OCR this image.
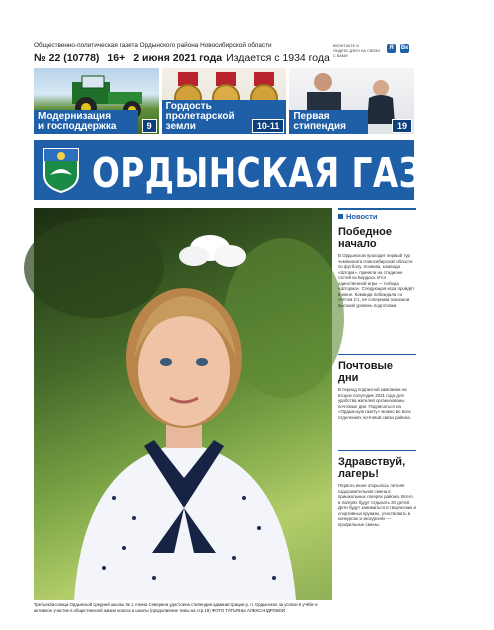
Общественно-политическая газета Ордынского района Новосибирской области
№ 22 (10778) 16+ 2 июня 2021 года Издается с 1934 года
ВКОНТАКТЕ И ЯНДЕКС.ДЗЕН НА СВЯЗИ С ВАМИ
Я	Вк
Модернизация
и господдержка	9
Гордость
пролетарской земли	10-11
Первая
стипендия	19
ОРДЫНСКАЯ ГАЗЕТА
Третьеклассница Ордынской средней школы № 1 Алина Северина удостоена стипендии администрации р. п. Ордынское за успехи в учёбе и активное участие в общественной жизни класса и школы (продолжение темы на стр.19) ФОТО ТАТЬЯНЫ АЛЕКСАНДРОВОЙ
Новости
Победное начало
В Ордынском проходит первый тур чемпионата Новосибирской области по футболу. Хозяева, команда «Шторм», приняла на стадионе гостей из Бердска. Итог единственной игры — победа «Шторма». Следующая игра пройдёт в июне. Команда побеждала со счётом 2:1, её соперники показали высокий уровень подготовки.
Почтовые дни
В период подписной кампании на второе полугодие 2021 года для удобства жителей организованы почтовые дни. Подписаться на «Ордынскую газету» можно во всех отделениях почтовой связи района.
Здравствуй, лагерь!
Первого июня открылась летняя оздоровительная смена в пришкольных лагерях района. Всего в лагерях будут отдыхать 20 детей. Дети будут заниматься в творческих и спортивных кружках, участвовать в конкурсах и экскурсиях — профильные смены.
